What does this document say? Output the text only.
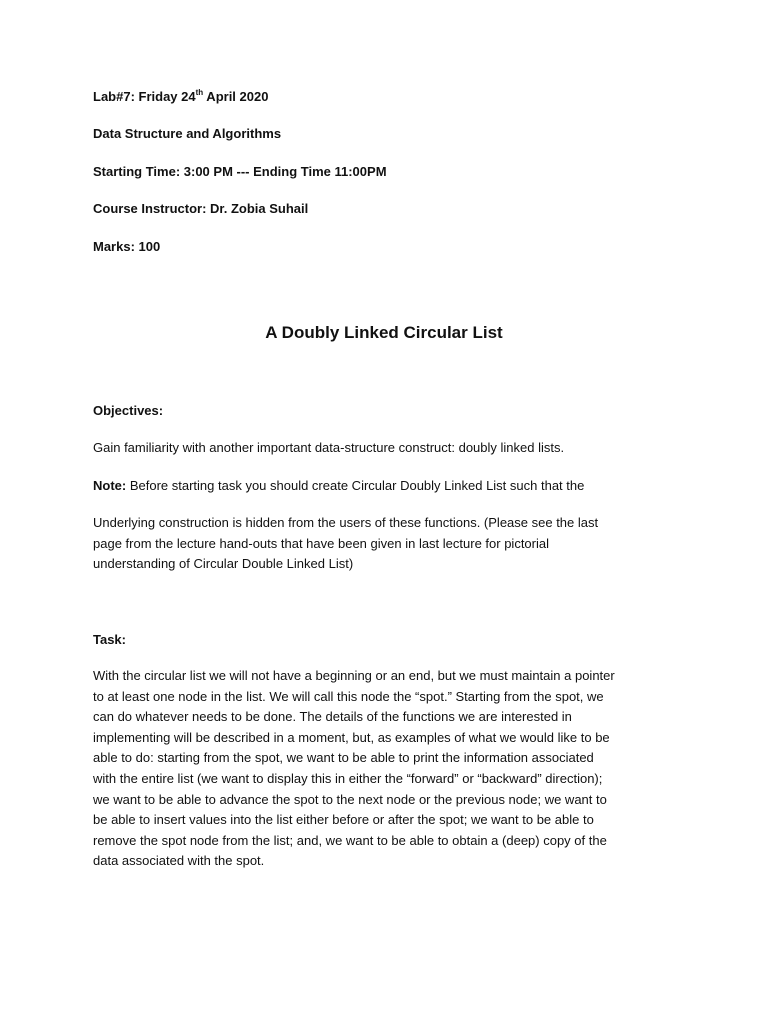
Lab#7: Friday 24th April 2020
Data Structure and Algorithms
Starting Time: 3:00 PM --- Ending Time 11:00PM
Course Instructor: Dr. Zobia Suhail
Marks: 100
A Doubly Linked Circular List
Objectives:
Gain familiarity with another important data-structure construct: doubly linked lists.
Note: Before starting task you should create Circular Doubly Linked List such that the
Underlying construction is hidden from the users of these functions. (Please see the last
page from the lecture hand-outs that have been given in last lecture for pictorial
understanding of Circular Double Linked List)
Task:
With the circular list we will not have a beginning or an end, but we must maintain a pointer
to at least one node in the list. We will call this node the “spot.” Starting from the spot, we
can do whatever needs to be done. The details of the functions we are interested in
implementing will be described in a moment, but, as examples of what we would like to be
able to do: starting from the spot, we want to be able to print the information associated
with the entire list (we want to display this in either the “forward” or “backward” direction);
we want to be able to advance the spot to the next node or the previous node; we want to
be able to insert values into the list either before or after the spot; we want to be able to
remove the spot node from the list; and, we want to be able to obtain a (deep) copy of the
data associated with the spot.
